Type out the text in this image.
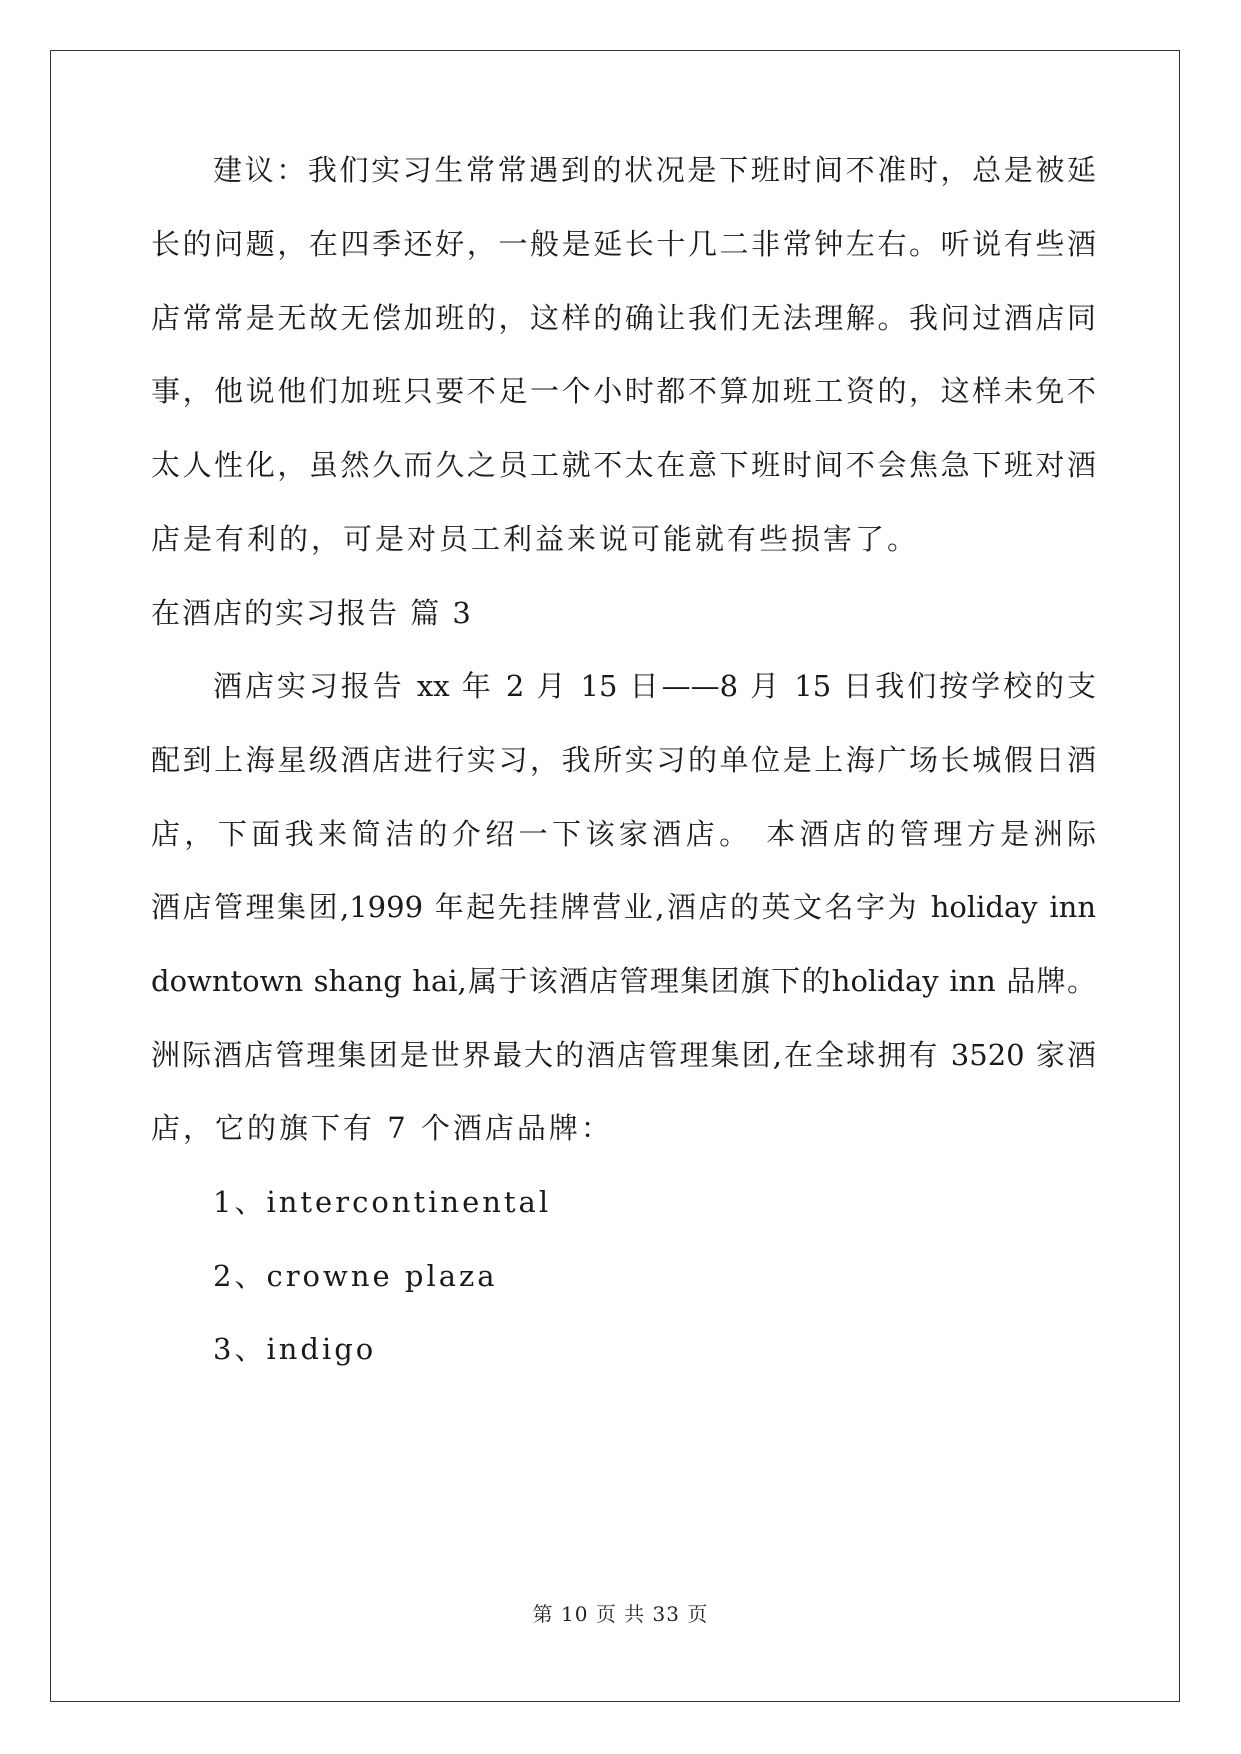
建议：我们实习生常常遇到的状况是下班时间不准时，总是被延
长的问题，在四季还好，一般是延长十几二非常钟左右。听说有些酒
店常常是无故无偿加班的，这样的确让我们无法理解。我问过酒店同
事，他说他们加班只要不足一个小时都不算加班工资的，这样未免不
太人性化，虽然久而久之员工就不太在意下班时间不会焦急下班对酒
店是有利的，可是对员工利益来说可能就有些损害了。
在酒店的实习报告 篇 3
酒店实习报告 xx 年 2 月 15 日——8 月 15 日我们按学校的支
配到上海星级酒店进行实习，我所实习的单位是上海广场长城假日酒
店，下面我来简洁的介绍一下该家酒店。 本酒店的管理方是洲际
酒店管理集团,1999 年起先挂牌营业,酒店的英文名字为 holiday inn
downtown shang hai,属于该酒店管理集团旗下的holiday inn 品牌。
洲际酒店管理集团是世界最大的酒店管理集团,在全球拥有 3520 家酒
店，它的旗下有 7 个酒店品牌：
1、intercontinental
2、crowne plaza
3、indigo
第 10 页 共 33 页
